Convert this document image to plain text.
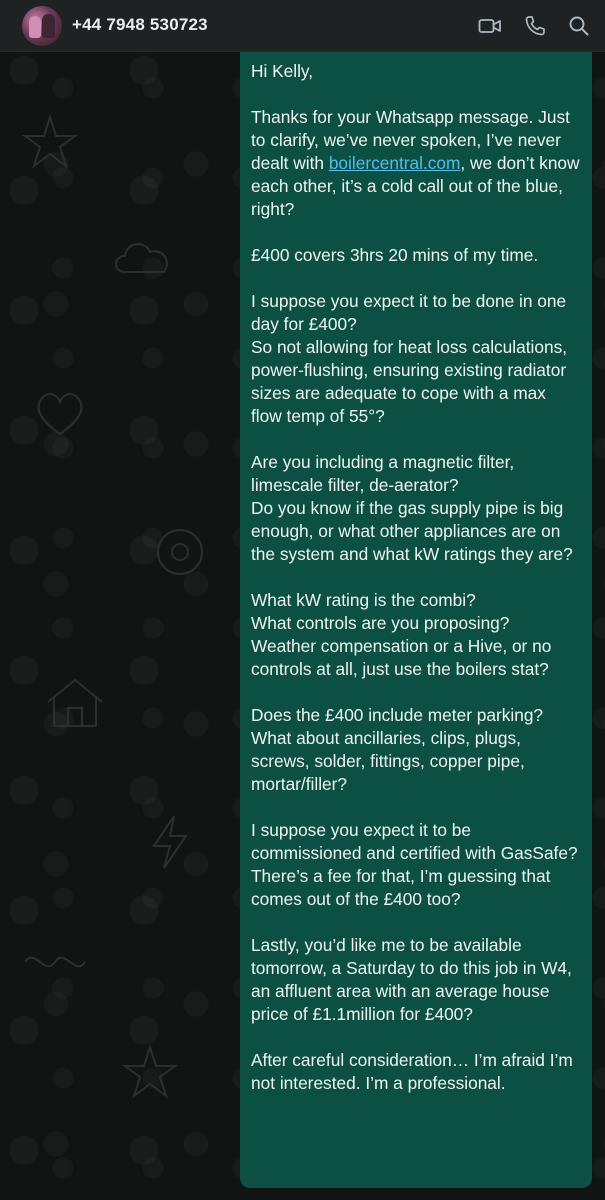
+44 7948 530723

Hi Kelly,

Thanks for your Whatsapp message. Just to clarify, we’ve never spoken, I’ve never dealt with boilercentral.com, we don’t know each other, it’s a cold call out of the blue, right?

£400 covers 3hrs 20 mins of my time.

I suppose you expect it to be done in one day for £400?
So not allowing for heat loss calculations, power-flushing, ensuring existing radiator sizes are adequate to cope with a max flow temp of 55°?

Are you including a magnetic filter, limescale filter, de-aerator?
Do you know if the gas supply pipe is big enough, or what other appliances are on the system and what kW ratings they are?

What kW rating is the combi?
What controls are you proposing?
Weather compensation or a Hive, or no controls at all, just use the boilers stat?

Does the £400 include meter parking?
What about ancillaries, clips, plugs, screws, solder, fittings, copper pipe, mortar/filler?

I suppose you expect it to be commissioned and certified with GasSafe? There’s a fee for that, I’m guessing that comes out of the £400 too?

Lastly, you’d like me to be available tomorrow, a Saturday to do this job in W4, an affluent area with an average house price of £1.1million for £400?

After careful consideration… I’m afraid I’m not interested. I’m a professional.
